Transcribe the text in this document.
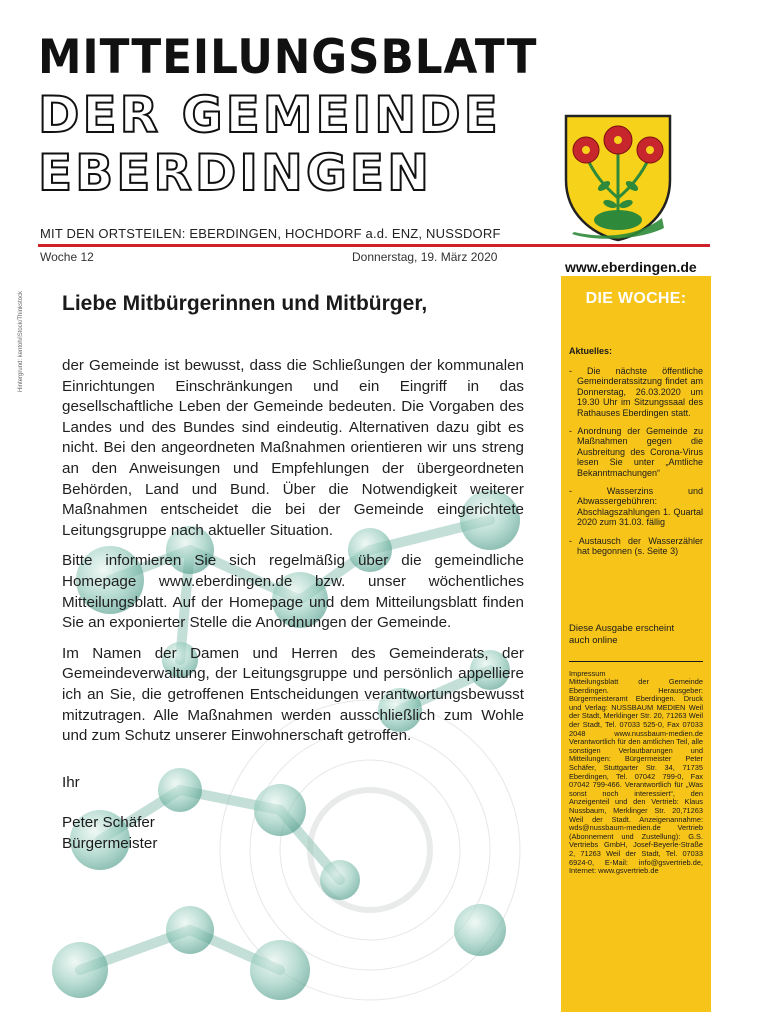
MITTEILUNGSBLATT
DER GEMEINDE
EBERDINGEN
MIT DEN ORTSTEILEN: EBERDINGEN, HOCHDORF a.d. ENZ, NUSSDORF
Woche 12	Donnerstag, 19. März 2020
www.eberdingen.de
Hintergrund: kentoh/iStock/Thinkstock Liebe Mitbürgerinnen und Mitbürger,

der Gemeinde ist bewusst, dass die Schließungen der kommunalen Einrichtungen Einschränkungen und ein Eingriff in das gesellschaftliche Leben der Gemeinde bedeuten. Die Vorgaben des Landes und des Bundes sind eindeutig. Alternativen dazu gibt es nicht. Bei den angeordneten Maßnahmen orientieren wir uns streng an den Anweisungen und Empfehlungen der übergeordneten Behörden, Land und Bund. Über die Notwendigkeit weiterer Maßnahmen entscheidet die bei der Gemeinde eingerichtete Leitungsgruppe nach aktueller Situation.

Bitte informieren Sie sich regelmäßig über die gemeindliche Homepage www.eberdingen.de bzw. unser wöchentliches Mitteilungsblatt. Auf der Homepage und dem Mitteilungsblatt finden Sie an exponierter Stelle die Anordnungen der Gemeinde.

Im Namen der Damen und Herren des Gemeinderats, der Gemeindeverwaltung, der Leitungsgruppe und persönlich appelliere ich an Sie, die getroffenen Entscheidungen verantwortungsbewusst mitzutragen. Alle Maßnahmen werden ausschließlich zum Wohle und zum Schutz unserer Einwohnerschaft getroffen.

Ihr
Peter Schäfer
Bürgermeister
DIE WOCHE:
Aktuelles:
- Die nächste öffentliche Gemeinderatssitzung findet am Donnerstag, 26.03.2020 um 19.30 Uhr im Sitzungssaal des Rathauses Eberdingen statt.
- Anordnung der Gemeinde zu Maßnahmen gegen die Ausbreitung des Corona-Virus lesen Sie unter „Amtliche Bekanntmachungen“
- Wasserzins und Abwassergebühren: Abschlagszahlungen 1. Quartal 2020 zum 31.03. fällig
- Austausch der Wasserzähler hat begonnen (s. Seite 3)
Diese Ausgabe erscheint auch online
Impressum
Mitteilungsblatt der Gemeinde Eberdingen. Herausgeber: Bürgermeisteramt Eberdingen. Druck und Verlag: NUSSBAUM MEDIEN Weil der Stadt, Merklinger Str. 20, 71263 Weil der Stadt, Tel. 07033 525-0, Fax 07033 2048 www.nussbaum-medien.de Verantwortlich für den amtlichen Teil, alle sonstigen Verlautbarungen und Mitteilungen: Bürgermeister Peter Schäfer, Stuttgarter Str. 34, 71735 Eberdingen, Tel. 07042 799-0, Fax 07042 799-466. Verantwortlich für „Was sonst noch interessiert“, den Anzeigenteil und den Vertrieb: Klaus Nussbaum, Merklinger Str. 20,71263 Weil der Stadt. Anzeigenannahme: wds@nussbaum-medien.de Vertrieb (Abonnement und Zustellung): G.S. Vertriebs GmbH, Josef-Beyerle-Straße 2, 71263 Weil der Stadt, Tel. 07033 6924-0, E-Mail: info@gsvertrieb.de, Internet: www.gsvertrieb.de
